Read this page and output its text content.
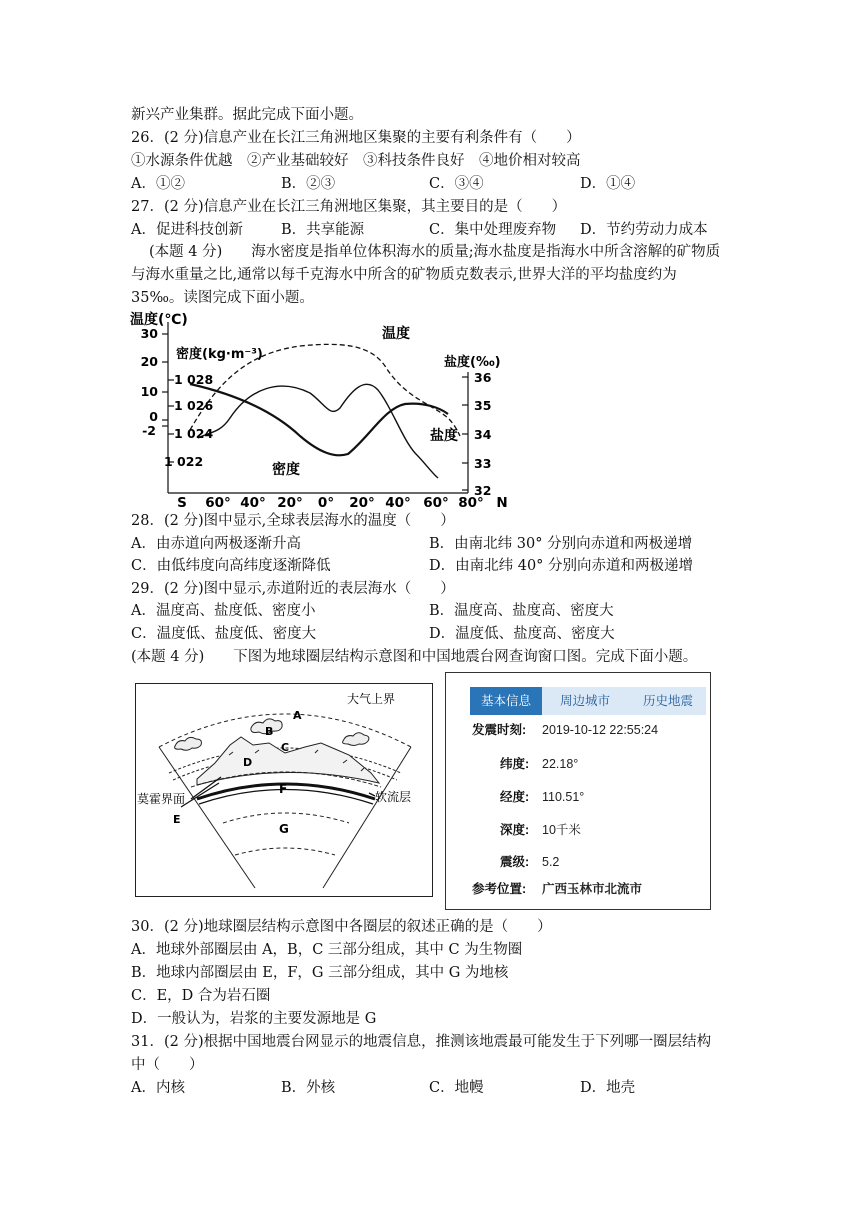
新兴产业集群。据此完成下面小题。
26．(2 分)信息产业在长江三角洲地区集聚的主要有利条件有（　　）
①水源条件优越　②产业基础较好　③科技条件良好　④地价相对较高
A．①②	B．②③	C．③④	D．①④
27．(2 分)信息产业在长江三角洲地区集聚，其主要目的是（　　）
A．促进科技创新	B．共享能源	C．集中处理废弃物 D．节约劳动力成本
(本题 4 分)　　海水密度是指单位体积海水的质量;海水盐度是指海水中所含溶解的矿物质与海水重量之比,通常以每千克海水中所含的矿物质克数表示,世界大洋的平均盐度约为 35‰。读图完成下面小题。
温度(℃)
密度(kg·m⁻³)
盐度(‰)
温度
盐度
密度
30
20
10
0
-2
1 028
1 026
1 024
1 022
36
35
34
33
32
S 60° 40° 20° 0° 20° 40° 60° 80° N
28．(2 分)图中显示,全球表层海水的温度（　　）
A．由赤道向两极逐渐升高	B．由南北纬 30° 分别向赤道和两极递增
C．由低纬度向高纬度逐渐降低	D．由南北纬 40° 分别向赤道和两极递增
29．(2 分)图中显示,赤道附近的表层海水（　　）
A．温度高、盐度低、密度小	B．温度高、盐度高、密度大
C．温度低、盐度低、密度大	D．温度低、盐度高、密度大
(本题 4 分)　　下图为地球圈层结构示意图和中国地震台网查询窗口图。完成下面小题。
大气上界
A
B
C
D
E
F
G
莫霍界面	软流层
基本信息	周边城市	历史地震
发震时刻: 2019-10-12 22:55:24
纬度: 22.18°
经度: 110.51°
深度: 10千米
震级: 5.2
参考位置: 广西玉林市北流市
30．(2 分)地球圈层结构示意图中各圈层的叙述正确的是（　　）
A．地球外部圈层由 A，B，C 三部分组成，其中 C 为生物圈
B．地球内部圈层由 E，F，G 三部分组成，其中 G 为地核
C．E，D 合为岩石圈
D．一般认为，岩浆的主要发源地是 G
31．(2 分)根据中国地震台网显示的地震信息，推测该地震最可能发生于下列哪一圈层结构
中（　　）
A．内核	B．外核	C．地幔	D．地壳
